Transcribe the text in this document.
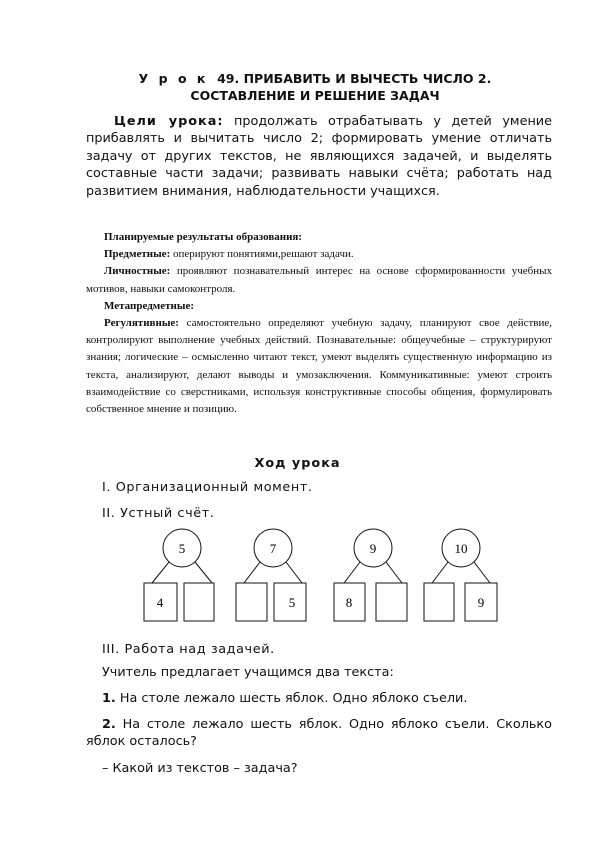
У р о к 49. ПРИБАВИТЬ И ВЫЧЕСТЬ ЧИСЛО 2.
СОСТАВЛЕНИЕ И РЕШЕНИЕ ЗАДАЧ
Цели урока: продолжать отрабатывать у детей умение прибавлять и вычитать число 2; формировать умение отличать задачу от других текстов, не являющихся задачей, и выделять составные части задачи; развивать навыки счёта; работать над развитием внимания, наблюдательности учащихся.
Планируемые результаты образования:
Предметные: оперируют понятиями,решают задачи.
Личностные: проявляют познавательный интерес на основе сформированности учебных мотивов, навыки самоконтроля.
Метапредметные:
Регулятивные: самостоятельно определяют учебную задачу, планируют свое действие, контролируют выполнение учебных действий. Познавательные: общеучебные – структурируют знания; логические – осмысленно читают текст, умеют выделять существенную информацию из текста, анализируют, делают выводы и умозаключения. Коммуникативные: умеют строить взаимодействие со сверстниками, используя конструктивные способы общения, формулировать собственное мнение и позицию.
Ход урока
I. Организационный момент.
II. Устный счёт.
5
4
7
5	8
9	10
9
III. Работа над задачей.
Учитель предлагает учащимся два текста:
1. На столе лежало шесть яблок. Одно яблоко съели.
2. На столе лежало шесть яблок. Одно яблоко съели. Сколько яблок осталось?
– Какой из текстов – задача?
